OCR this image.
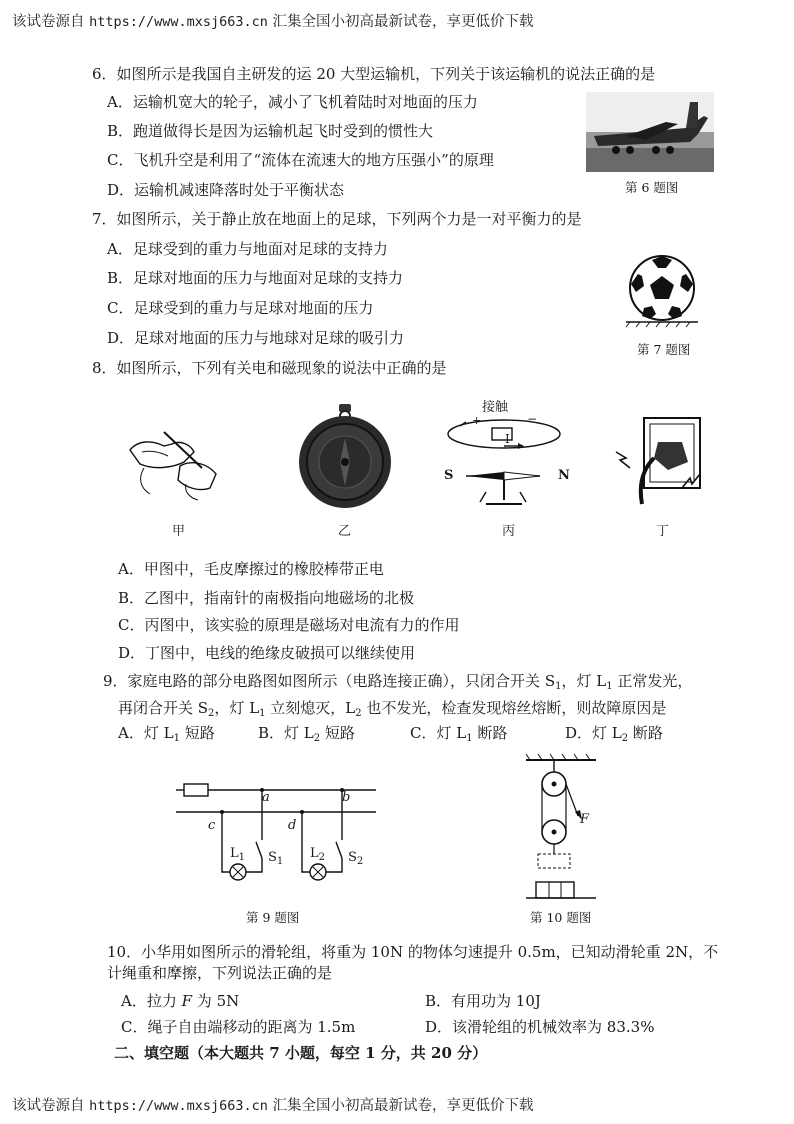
该试卷源自 https://www.mxsj663.cn 汇集全国小初高最新试卷，享更低价下载
6．如图所示是我国自主研发的运 20 大型运输机，下列关于该运输机的说法正确的是
A．运输机宽大的轮子，减小了飞机着陆时对地面的压力
B．跑道做得长是因为运输机起飞时受到的惯性大
C．飞机升空是利用了“流体在流速大的地方压强小”的原理
D．运输机减速降落时处于平衡状态	第 6 题图
7．如图所示，关于静止放在地面上的足球，下列两个力是一对平衡力的是
A．足球受到的重力与地面对足球的支持力
B．足球对地面的压力与地面对足球的支持力
C．足球受到的重力与足球对地面的压力
D．足球对地面的压力与地球对足球的吸引力
第 7 题图
8．如图所示，下列有关电和磁现象的说法中正确的是
甲	乙
接触
+	−
I
S	N
丙	丁
A．甲图中，毛皮摩擦过的橡胶棒带正电
B．乙图中，指南针的南极指向地磁场的北极
C．丙图中，该实验的原理是磁场对电流有力的作用
D．丁图中，电线的绝缘皮破损可以继续使用
9．家庭电路的部分电路图如图所示（电路连接正确），只闭合开关 $S_1$，灯 $L_1$ 正常发光，
再闭合开关 $S_2$，灯 $L_1$ 立刻熄灭，$L_2$ 也不发光，检查发现熔丝熔断，则故障原因是
A．灯 $L_1$ 短路	B．灯 $L_2$ 短路	C．灯 $L_1$ 断路	D．灯 $L_2$ 断路
a	b
c	d
$L_1$ $S_1$
$L_2$ $S_2$
第 9 题图
F
第 10 题图
10．小华用如图所示的滑轮组，将重为 10N 的物体匀速提升 0.5m，已知动滑轮重 2N，不
计绳重和摩擦，下列说法正确的是
A．拉力 F 为 5N	B．有用功为 10J
C．绳子自由端移动的距离为 1.5m	D．该滑轮组的机械效率为 83.3%
二、填空题（本大题共 7 小题，每空 1 分，共 20 分）
该试卷源自 https://www.mxsj663.cn 汇集全国小初高最新试卷，享更低价下载
